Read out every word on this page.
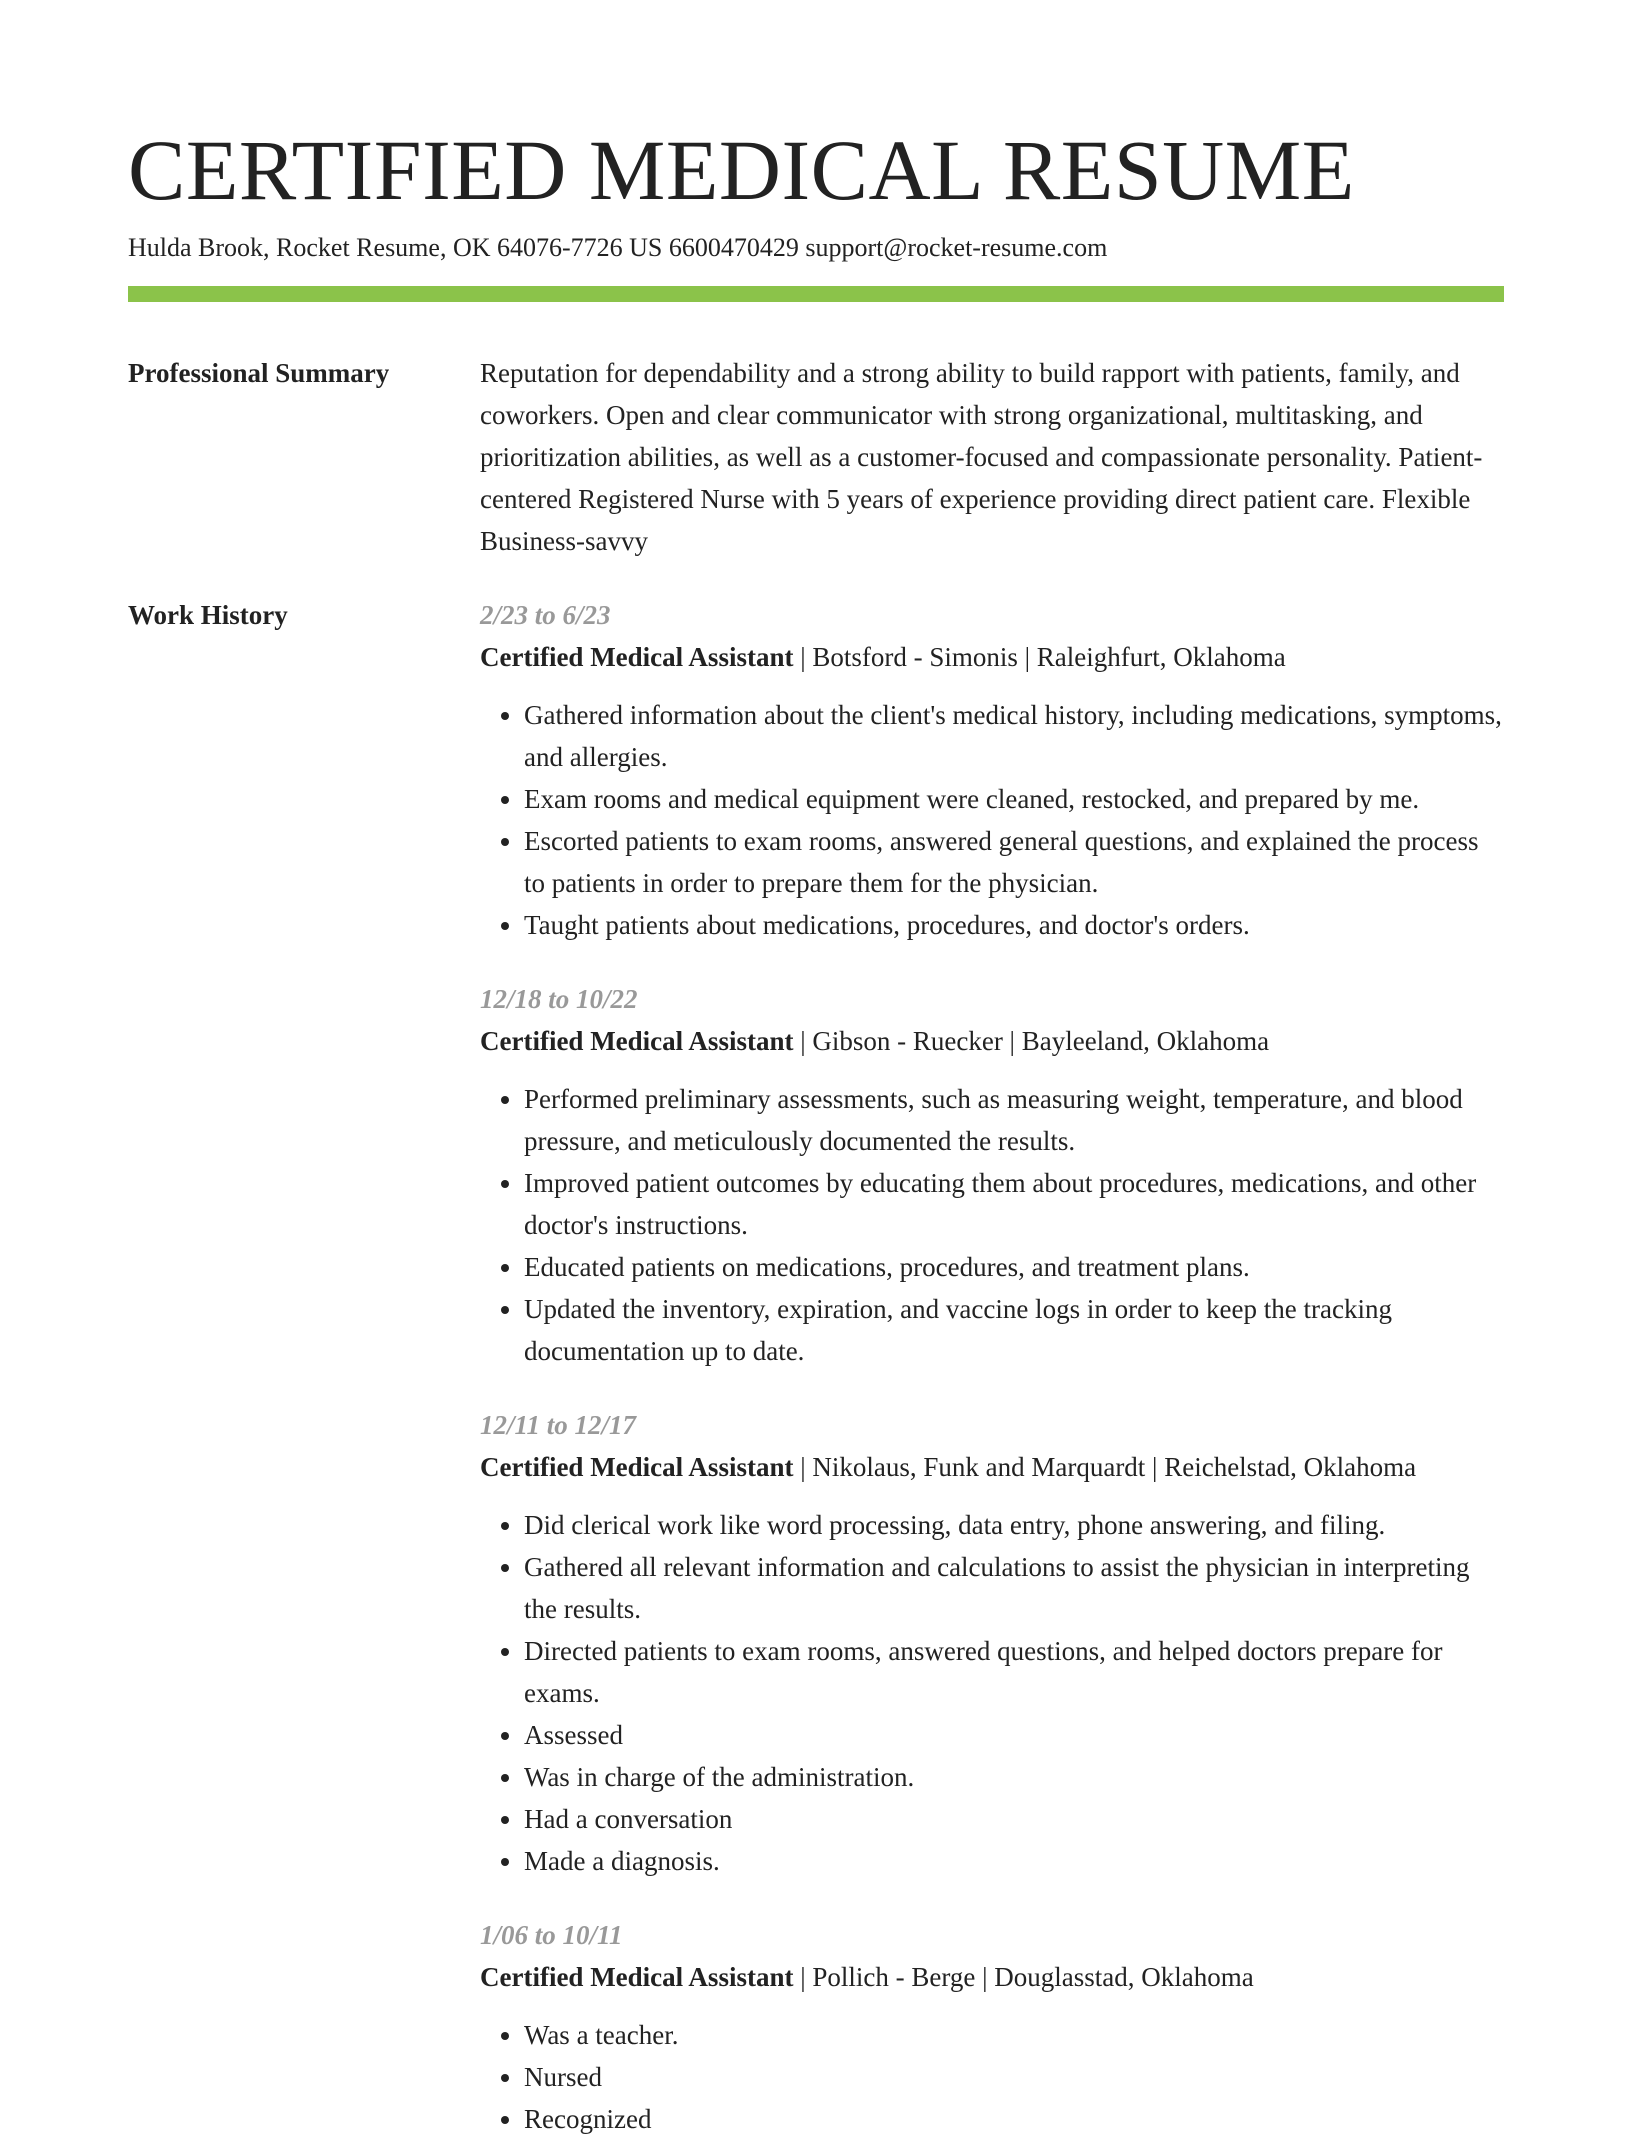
CERTIFIED MEDICAL RESUME
Hulda Brook, Rocket Resume, OK 64076-7726 US 6600470429 support@rocket-resume.com
Professional Summary	Reputation for dependability and a strong ability to build rapport with patients, family, and coworkers. Open and clear communicator with strong organizational, multitasking, and prioritization abilities, as well as a customer-focused and compassionate personality. Patient-centered Registered Nurse with 5 years of experience providing direct patient care. Flexible Business-savvy

Work History	2/23 to 6/23
Certified Medical Assistant | Botsford - Simonis | Raleighfurt, Oklahoma
• Gathered information about the client's medical history, including medications, symptoms, and allergies.
• Exam rooms and medical equipment were cleaned, restocked, and prepared by me.
• Escorted patients to exam rooms, answered general questions, and explained the process to patients in order to prepare them for the physician.
• Taught patients about medications, procedures, and doctor's orders.
12/18 to 10/22
Certified Medical Assistant | Gibson - Ruecker | Bayleeland, Oklahoma
• Performed preliminary assessments, such as measuring weight, temperature, and blood pressure, and meticulously documented the results.
• Improved patient outcomes by educating them about procedures, medications, and other doctor's instructions.
• Educated patients on medications, procedures, and treatment plans.
• Updated the inventory, expiration, and vaccine logs in order to keep the tracking documentation up to date.
12/11 to 12/17
Certified Medical Assistant | Nikolaus, Funk and Marquardt | Reichelstad, Oklahoma
• Did clerical work like word processing, data entry, phone answering, and filing.
• Gathered all relevant information and calculations to assist the physician in interpreting the results.
• Directed patients to exam rooms, answered questions, and helped doctors prepare for exams.
• Assessed
• Was in charge of the administration.
• Had a conversation
• Made a diagnosis.
1/06 to 10/11
Certified Medical Assistant | Pollich - Berge | Douglasstad, Oklahoma
• Was a teacher.
• Nursed
• Recognized
